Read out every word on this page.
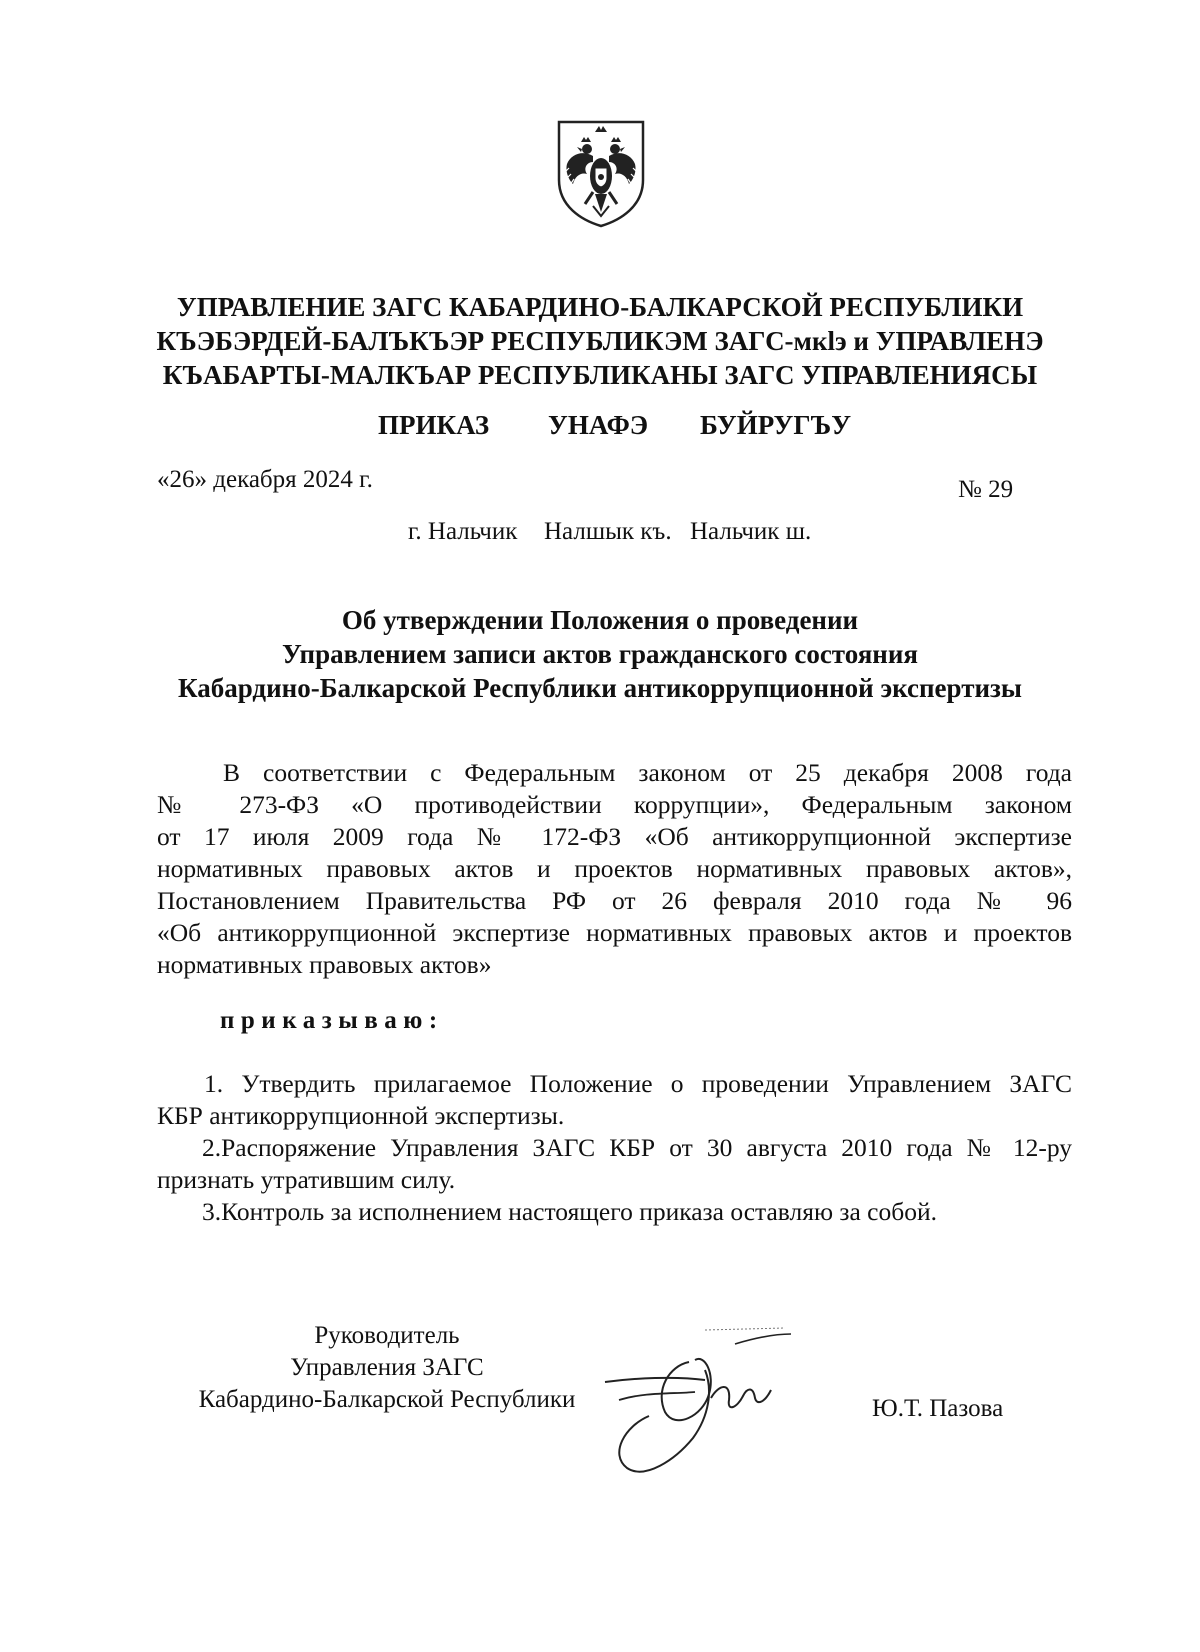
УПРАВЛЕНИЕ ЗАГС КАБАРДИНО-БАЛКАРСКОЙ РЕСПУБЛИКИ
КЪЭБЭРДЕЙ-БАЛЪКЪЭР РЕСПУБЛИКЭМ ЗАГС-мкlэ и УПРАВЛЕНЭ
КЪАБАРТЫ-МАЛКЪАР РЕСПУБЛИКАНЫ ЗАГС УПРАВЛЕНИЯСЫ
ПРИКАЗ УНАФЭ БУЙРУГЪУ
«26» декабря 2024 г.	№ 29
г. Нальчик Налшык къ. Нальчик ш.
Об утверждении Положения о проведении
Управлением записи актов гражданского состояния
Кабардино-Балкарской Республики антикоррупционной экспертизы
В соответствии с Федеральным законом от 25 декабря 2008 года
№ 273-ФЗ «О противодействии коррупции», Федеральным законом
от 17 июля 2009 года № 172-ФЗ «Об антикоррупционной экспертизе
нормативных правовых актов и проектов нормативных правовых актов»,
Постановлением Правительства РФ от 26 февраля 2010 года № 96
«Об антикоррупционной экспертизе нормативных правовых актов и проектов
нормативных правовых актов»
приказываю:
1. Утвердить прилагаемое Положение о проведении Управлением ЗАГС
КБР антикоррупционной экспертизы.
2.Распоряжение Управления ЗАГС КБР от 30 августа 2010 года № 12-ру
признать утратившим силу.
3.Контроль за исполнением настоящего приказа оставляю за собой.
Руководитель
Управления ЗАГС
Кабардино-Балкарской Республики	Ю.Т. Пазова
